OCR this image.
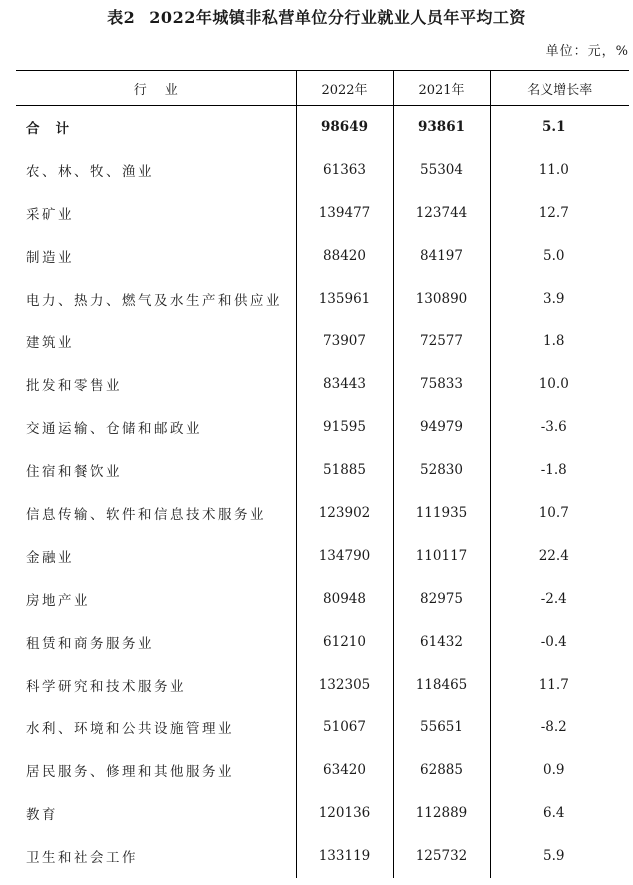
表2 2022年城镇非私营单位分行业就业人员年平均工资
单位：元，%
行业	2022年	2021年	名义增长率
合计	98649	93861	5.1
农、林、牧、渔业	61363	55304	11.0
采矿业	139477	123744	12.7
制造业	88420	84197	5.0
电力、热力、燃气及水生产和供应业	135961	130890	3.9
建筑业	73907	72577	1.8
批发和零售业	83443	75833	10.0
交通运输、仓储和邮政业	91595	94979	-3.6
住宿和餐饮业	51885	52830	-1.8
信息传输、软件和信息技术服务业	123902	111935	10.7
金融业	134790	110117	22.4
房地产业	80948	82975	-2.4
租赁和商务服务业	61210	61432	-0.4
科学研究和技术服务业	132305	118465	11.7
水利、环境和公共设施管理业	51067	55651	-8.2
居民服务、修理和其他服务业	63420	62885	0.9
教育	120136	112889	6.4
卫生和社会工作	133119	125732	5.9
